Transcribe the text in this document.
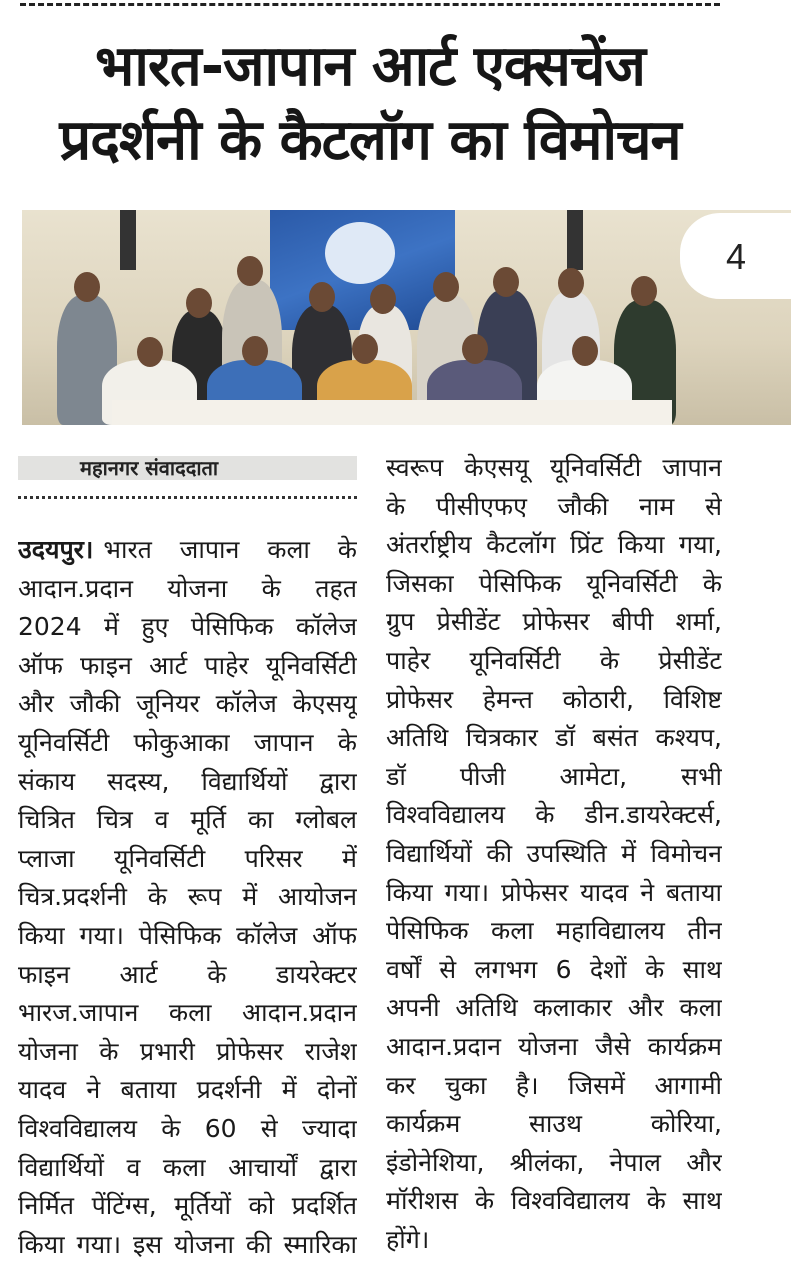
भारत-जापान आर्ट एक्सचेंज
प्रदर्शनी के कैटलॉग का विमोचन
4
महानगर संवाददाता
उदयपुर। भारत जापान कला के
आदान.प्रदान योजना के तहत
2024 में हुए पेसिफिक कॉलेज
ऑफ फाइन आर्ट पाहेर यूनिवर्सिटी
और जौकी जूनियर कॉलेज केएसयू
यूनिवर्सिटी फोकुआका जापान के
संकाय सदस्य, विद्यार्थियों द्वारा
चित्रित चित्र व मूर्ति का ग्लोबल
प्लाजा यूनिवर्सिटी परिसर में
चित्र.प्रदर्शनी के रूप में आयोजन
किया गया। पेसिफिक कॉलेज ऑफ
फाइन आर्ट के डायरेक्टर
भारज.जापान कला आदान.प्रदान
योजना के प्रभारी प्रोफेसर राजेश
यादव ने बताया प्रदर्शनी में दोनों
विश्वविद्यालय के 60 से ज्यादा
विद्यार्थियों व कला आचार्यों द्वारा
निर्मित पेंटिंग्स, मूर्तियों को प्रदर्शित
किया गया। इस योजना की स्मारिका
स्वरूप केएसयू यूनिवर्सिटी जापान
के पीसीएफए जौकी नाम से
अंतर्राष्ट्रीय कैटलॉग प्रिंट किया गया,
जिसका पेसिफिक यूनिवर्सिटी के
ग्रुप प्रेसीडेंट प्रोफेसर बीपी शर्मा,
पाहेर यूनिवर्सिटी के प्रेसीडेंट
प्रोफेसर हेमन्त कोठारी, विशिष्ट
अतिथि चित्रकार डॉ बसंत कश्यप,
डॉ पीजी आमेटा, सभी
विश्वविद्यालय के डीन.डायरेक्टर्स,
विद्यार्थियों की उपस्थिति में विमोचन
किया गया। प्रोफेसर यादव ने बताया
पेसिफिक कला महाविद्यालय तीन
वर्षों से लगभग 6 देशों के साथ
अपनी अतिथि कलाकार और कला
आदान.प्रदान योजना जैसे कार्यक्रम
कर चुका है। जिसमें आगामी
कार्यक्रम साउथ कोरिया,
इंडोनेशिया, श्रीलंका, नेपाल और
मॉरीशस के विश्वविद्यालय के साथ
होंगे।
